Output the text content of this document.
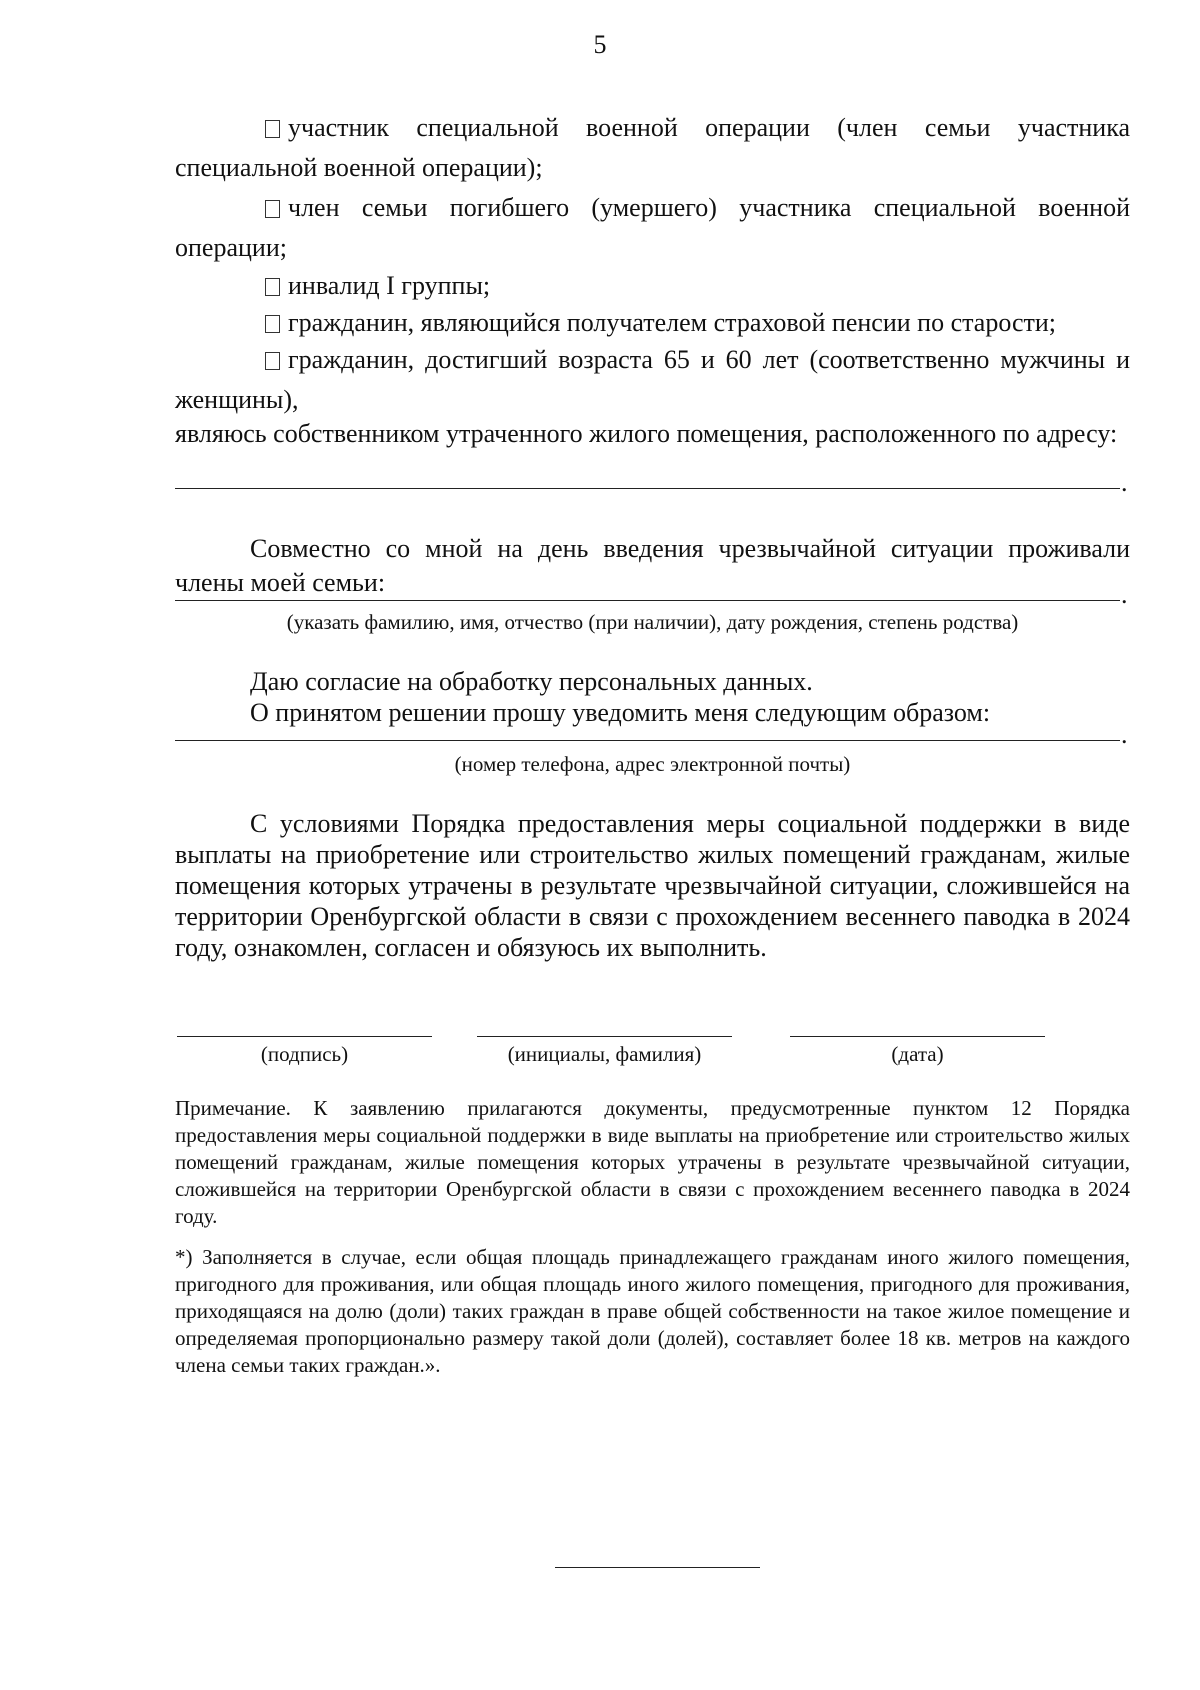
5
участник специальной военной операции (член семьи участника специальной военной операции);
член семьи погибшего (умершего) участника специальной военной операции;
инвалид I группы;
гражданин, являющийся получателем страховой пенсии по старости;
гражданин, достигший возраста 65 и 60 лет (соответственно мужчины и женщины),
являюсь собственником утраченного жилого помещения, расположенного по адресу:
.
Совместно со мной на день введения чрезвычайной ситуации проживали члены моей семьи:	.
(указать фамилию, имя, отчество (при наличии), дату рождения, степень родства)
Даю согласие на обработку персональных данных.
О принятом решении прошу уведомить меня следующим образом:
.
(номер телефона, адрес электронной почты)
С условиями Порядка предоставления меры социальной поддержки в виде выплаты на приобретение или строительство жилых помещений гражданам, жилые помещения которых утрачены в результате чрезвычайной ситуации, сложившейся на территории Оренбургской области в связи с прохождением весеннего паводка в 2024 году, ознакомлен, согласен и обязуюсь их выполнить.
(подпись)	(инициалы, фамилия)	(дата)
Примечание. К заявлению прилагаются документы, предусмотренные пунктом 12 Порядка предоставления меры социальной поддержки в виде выплаты на приобретение или строительство жилых помещений гражданам, жилые помещения которых утрачены в результате чрезвычайной ситуации, сложившейся на территории Оренбургской области в связи с прохождением весеннего паводка в 2024 году.
*) Заполняется в случае, если общая площадь принадлежащего гражданам иного жилого помещения, пригодного для проживания, или общая площадь иного жилого помещения, пригодного для проживания, приходящаяся на долю (доли) таких граждан в праве общей собственности на такое жилое помещение и определяемая пропорционально размеру такой доли (долей), составляет более 18 кв. метров на каждого члена семьи таких граждан.».
